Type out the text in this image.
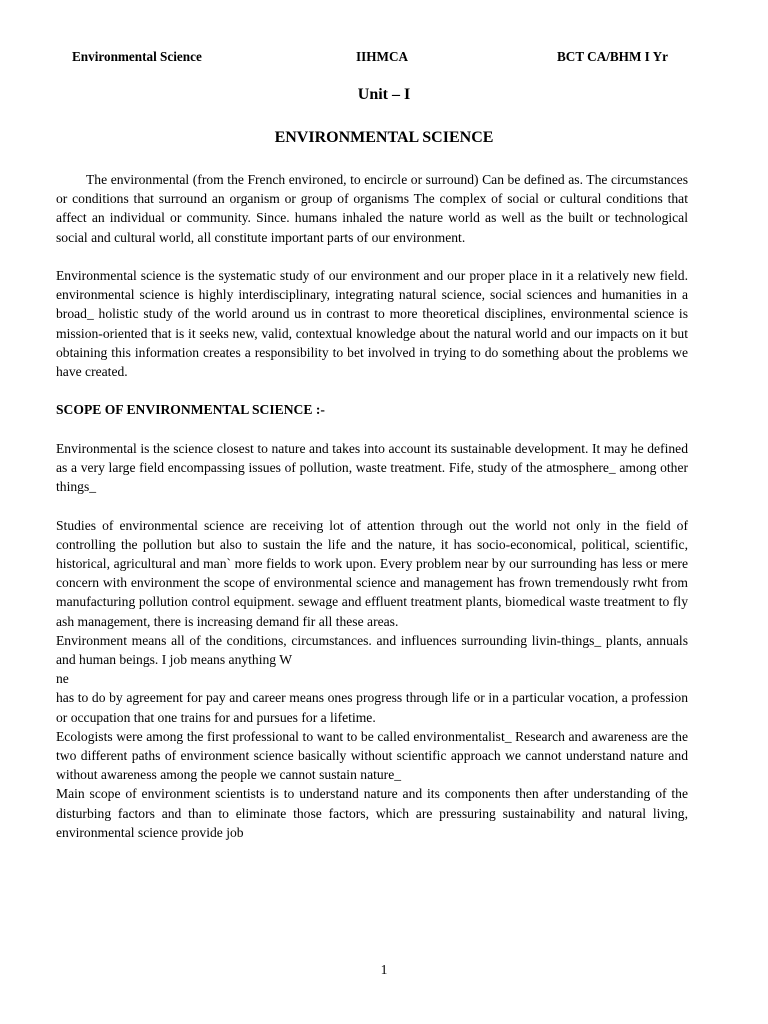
Environmental Science	IIHMCA	BCT CA/BHM I Yr
Unit – I
ENVIRONMENTAL SCIENCE

The environmental (from the French environed, to encircle or surround) Can be defined as. The circumstances or conditions that surround an organism or group of organisms The complex of social or cultural conditions that affect an individual or community. Since. humans inhaled the nature world as well as the built or technological social and cultural world, all constitute important parts of our environment.

Environmental science is the systematic study of our environment and our proper place in it a relatively new field. environmental science is highly interdisciplinary, integrating natural science, social sciences and humanities in a broad_ holistic study of the world around us in contrast to more theoretical disciplines, environmental science is mission-oriented that is it seeks new, valid, contextual knowledge about the natural world and our impacts on it but obtaining this information creates a responsibility to bet involved in trying to do something about the problems we have created.

SCOPE OF ENVIRONMENTAL SCIENCE :-

Environmental is the science closest to nature and takes into account its sustainable development. It may he defined as a very large field encompassing issues of pollution, waste treatment. Fife, study of the atmosphere_ among other things_

Studies of environmental science are receiving lot of attention through out the world not only in the field of controlling the pollution but also to sustain the life and the nature, it has socio-economical, political, scientific, historical, agricultural and man` more fields to work upon. Every problem near by our surrounding has less or mere concern with environment the scope of environmental science and management has frown tremendously rwht from manufacturing pollution control equipment. sewage and effluent treatment plants, biomedical waste treatment to fly ash management, there is increasing demand fir all these areas.

Environment means all of the conditions, circumstances. and influences surrounding livin-things_ plants, annuals and human beings. I job means anything W

ne

has to do by agreement for pay and career means ones progress through life or in a particular vocation, a profession or occupation that one trains for and pursues for a lifetime.

Ecologists were among the first professional to want to be called environmentalist_ Research and awareness are the two different paths of environment science basically without scientific approach we cannot understand nature and without awareness among the people we cannot sustain nature_

Main scope of environment scientists is to understand nature and its components then after understanding of the disturbing factors and than to eliminate those factors, which are pressuring sustainability and natural living, environmental science provide job

1
